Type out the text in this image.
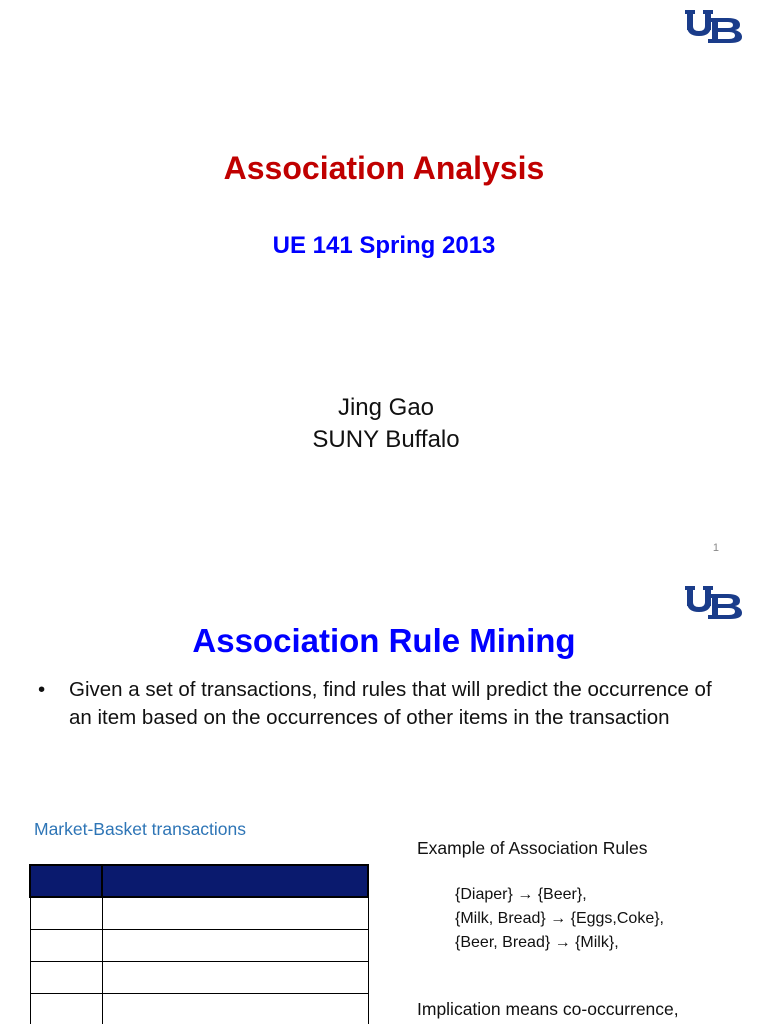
Association Analysis
UE 141 Spring 2013
Jing Gao
SUNY Buffalo
1
Association Rule Mining
• Given a set of transactions, find rules that will predict the occurrence of an item based on the occurrences of other items in the transaction
Market-Basket transactions

Example of Association Rules
{Diaper} → {Beer},
{Milk, Bread} → {Eggs,Coke},
{Beer, Bread} → {Milk},
Implication means co-occurrence,
